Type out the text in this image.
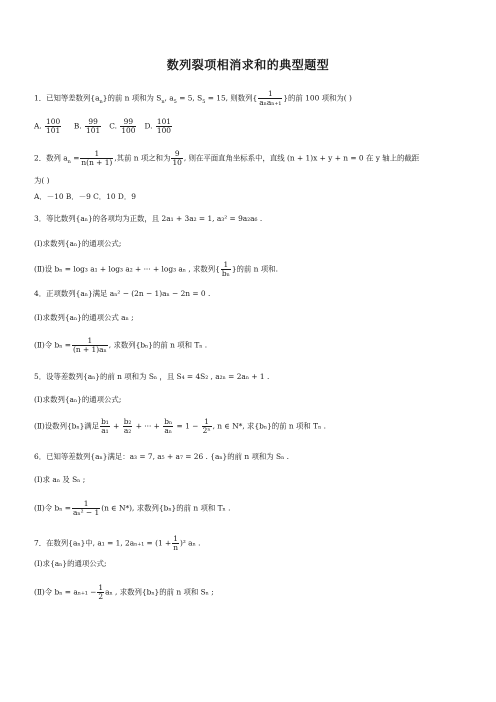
数列裂项相消求和的典型题型
1．已知等差数列$\{a_n\}$的前 n 项和为 $S_n$, $a_5 = 5$, $S_5 = 15$, 则数列{ $\frac{1}{\text{aₙaₙ₊₁}}$ }的前 100 项和为( )
A. $\frac{100}{101} B$. $\frac{99}{101} C$. $\frac{99}{100} D$. $\frac{101}{100}$
2．数列 $a_n = \frac{1}{n(n + 1)}$ ,其前 n 项之和为 $\frac{9}{10}$ , 则在平面直角坐标系中，直线 (n + 1)x + y + n = 0 在 y 轴上的截距
为( )
A．－10 B．－9 C．10 D．9
3．等比数列{aₙ}的各项均为正数，且 2a₁ + 3a₂ = 1, a₃² = 9a₂a₆ .
(Ⅰ)求数列{aₙ}的通项公式;
(Ⅱ)设 bₙ = log₃ a₁ + log₃ a₂ + ··· + log₃ aₙ , 求数列{ $\frac{1}{\text{bₙ}}$ }的前 n 项和.
4．正项数列{aₙ}满足 aₙ² − (2n − 1)aₙ − 2n = 0 .
(Ⅰ)求数列{aₙ}的通项公式 aₙ ;
(Ⅱ)令 $b_n = \frac{1}{\text{(n + 1)aₙ}}$ , 求数列{bₙ}的前 n 项和 Tₙ .
5．设等差数列{aₙ}的前 n 项和为 Sₙ ，且 S₄ = 4S₂ , a₂ₙ = 2aₙ + 1 .
(Ⅰ)求数列{aₙ}的通项公式;
(Ⅱ)设数列{bₙ}满足 $\frac{\text{b₁}}{\text{a₁}} + \frac{\text{b₂}}{\text{a₂}}$ + ··· + $\frac{\text{bₙ}}{\text{aₙ}} = 1 - \frac{1}{\text{2ⁿ}}$ , n ∈ N*, 求{bₙ}的前 n 项和 Tₙ .
6．已知等差数列{aₙ}满足：a₃ = 7, a₅ + a₇ = 26 . {aₙ}的前 n 项和为 Sₙ .
(Ⅰ)求 aₙ 及 Sₙ ;
(Ⅱ)令 $b_n = \frac{1}{\text{aₙ² − 1}} (n$ ∈ N*), 求数列{bₙ}的前 n 项和 Tₙ .
7．在数列{aₙ}中, a₁ = 1, $2a_{n+1} = (1 + \frac{1}{n} )^2$ aₙ .
(Ⅰ)求{aₙ}的通项公式;
(Ⅱ)令 $b_n = a_{n+1} - \frac{1}{2}$ aₙ , 求数列{bₙ}的前 n 项和 Sₙ ;
